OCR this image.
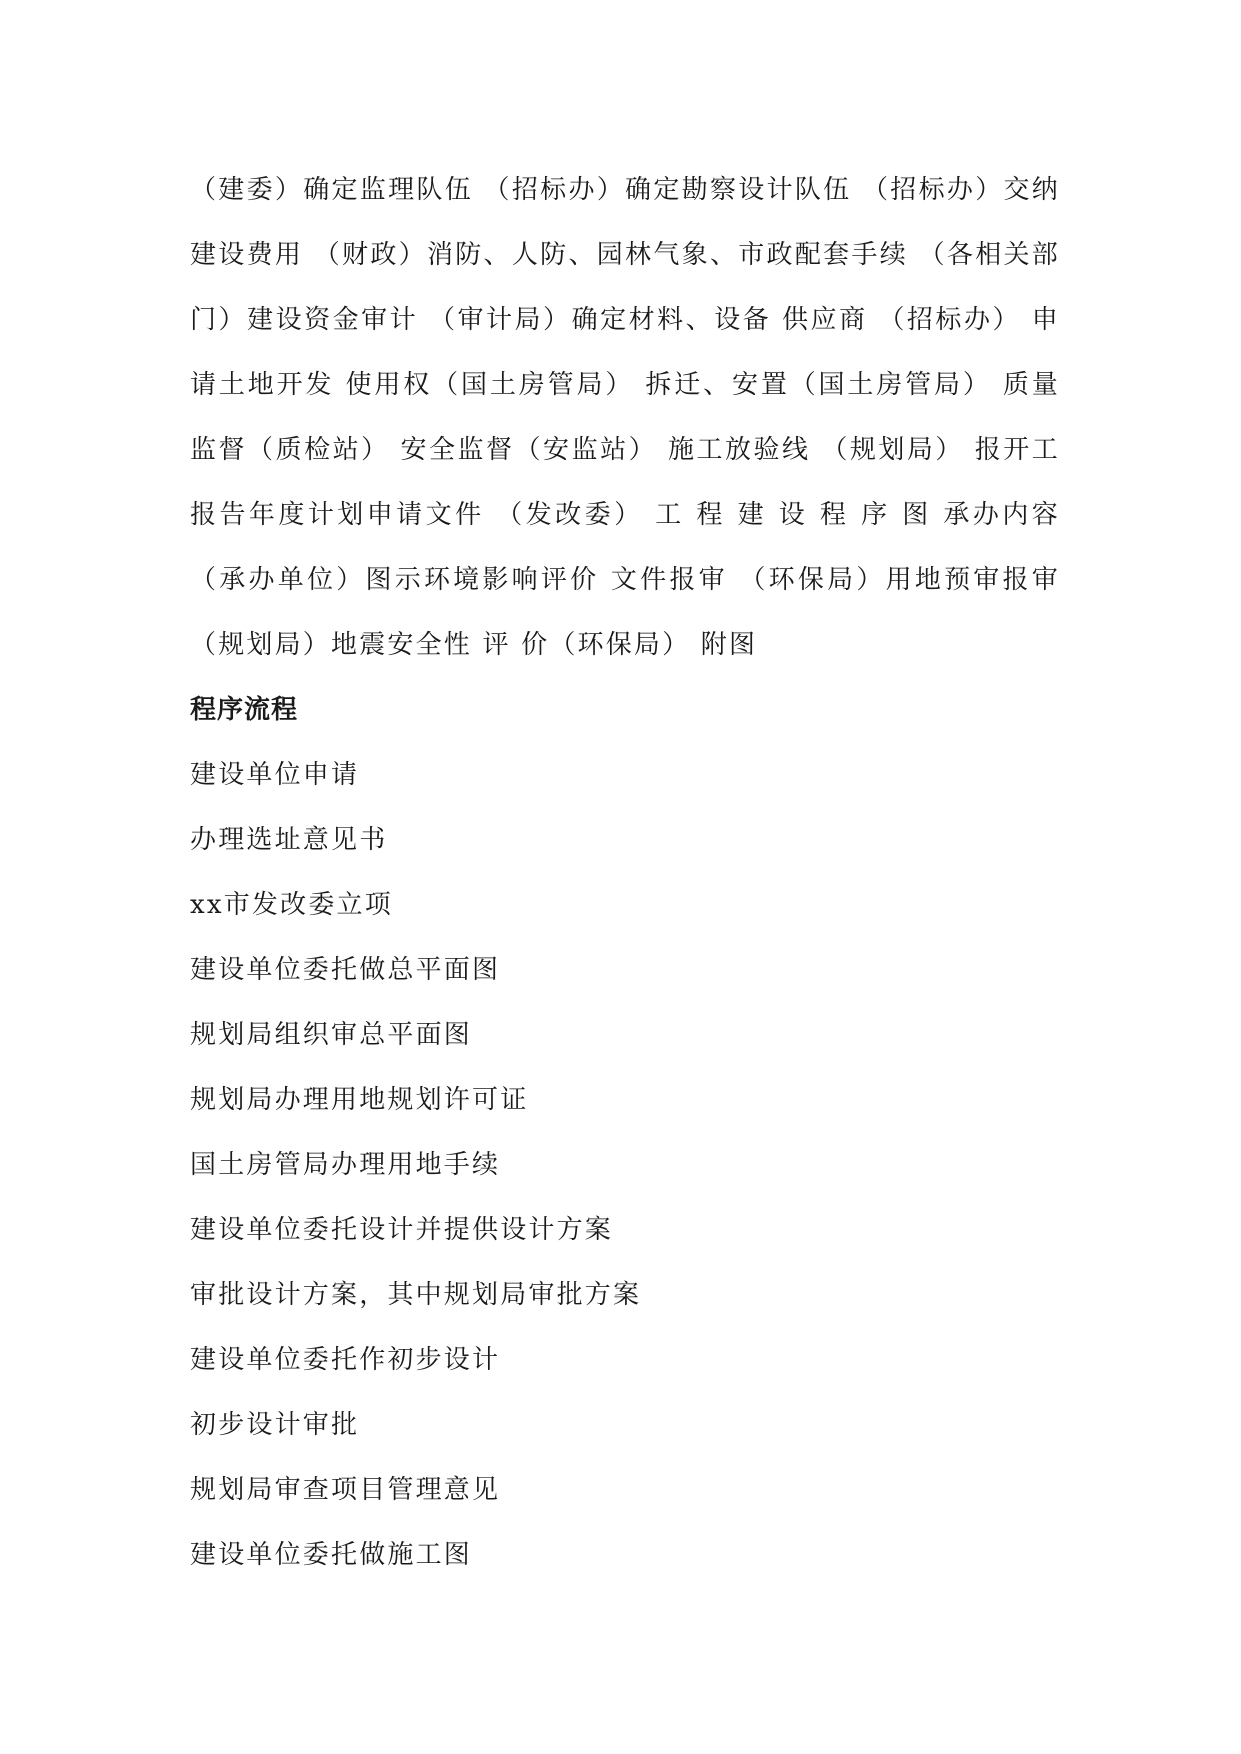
（建委）确定监理队伍 （招标办）确定勘察设计队伍 （招标办）交纳建设费用 （财政）消防、人防、园林气象、市政配套手续 （各相关部门）建设资金审计 （审计局）确定材料、设备 供应商 （招标办） 申请土地开发 使用权（国土房管局） 拆迁、安置（国土房管局） 质量监督（质检站） 安全监督（安监站） 施工放验线 （规划局） 报开工报告年度计划申请文件 （发改委） 工 程 建 设 程 序 图 承办内容 （承办单位）图示环境影响评价 文件报审 （环保局）用地预审报审（规划局）地震安全性 评 价（环保局） 附图

程序流程
建设单位申请
办理选址意见书
xx市发改委立项
建设单位委托做总平面图
规划局组织审总平面图
规划局办理用地规划许可证
国土房管局办理用地手续
建设单位委托设计并提供设计方案
审批设计方案，其中规划局审批方案
建设单位委托作初步设计
初步设计审批
规划局审查项目管理意见
建设单位委托做施工图
